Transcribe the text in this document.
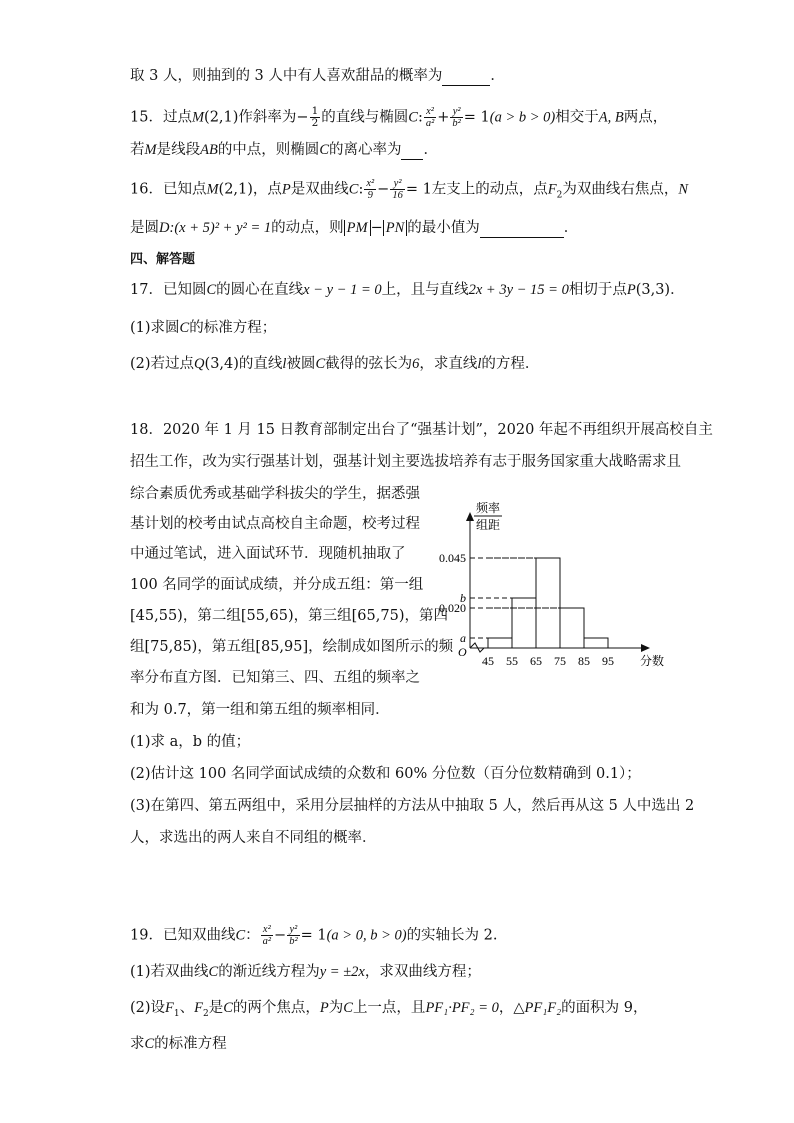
取 3 人，则抽到的 3 人中有人喜欢甜品的概率为	．
15．过点M(2,1)作斜率为− $\frac{1}{2}$ 的直线与椭圆C: $\frac{\text{x²}}{\text{a²}} + \frac{\text{y²}}{\text{b²}} = 1(a > b > 0)$相交于A, B两点，
若M是线段AB的中点，则椭圆C的离心率为 ．
16．已知点M(2,1)，点P是双曲线C: $\frac{\text{x²}}{9} - \frac{\text{y²}}{16} = 1$左支上的动点，点$F_2$为双曲线右焦点，N
是圆D:(x + 5)² + y² = 1的动点，则 PM − PN 的最小值为	．
四、解答题
17．已知圆C的圆心在直线x − y − 1 = 0上，且与直线2x + 3y − 15 = 0相切于点P(3,3)．
(1)求圆C的标准方程；
(2)若过点Q(3,4)的直线l被圆C截得的弦长为6，求直线l的方程．
18．2020 年 1 月 15 日教育部制定出台了“强基计划”，2020 年起不再组织开展高校自主
招生工作，改为实行强基计划，强基计划主要选拔培养有志于服务国家重大战略需求且
综合素质优秀或基础学科拔尖的学生，据悉强
基计划的校考由试点高校自主命题，校考过程
中通过笔试，进入面试环节．现随机抽取了
100 名同学的面试成绩，并分成五组：第一组
[45,55)，第二组[55,65)，第三组[65,75)，第四
组[75,85)，第五组[85,95]，绘制成如图所示的频
率分布直方图．已知第三、四、五组的频率之
和为 0.7，第一组和第五组的频率相同．
(1)求 a，b 的值；
(2)估计这 100 名同学面试成绩的众数和 60% 分位数（百分位数精确到 0.1）；
(3)在第四、第五两组中，采用分层抽样的方法从中抽取 5 人，然后再从这 5 人中选出 2
人，求选出的两人来自不同组的概率．
频率
组距
O
0.045
b
0.020
a
45 55 65 75 85 95 分数
19．已知双曲线C： $\frac{\text{x²}}{\text{a²}} - \frac{\text{y²}}{\text{b²}} = 1(a > 0$, b > 0)的实轴长为 2.
(1)若双曲线C的渐近线方程为y = ±2x，求双曲线方程；
(2)设$F_1$、$F_2$是C的两个焦点，P为C上一点，且PF₁·PF₂ = 0，△PF₁F₂的面积为 9，
求C的标准方程
